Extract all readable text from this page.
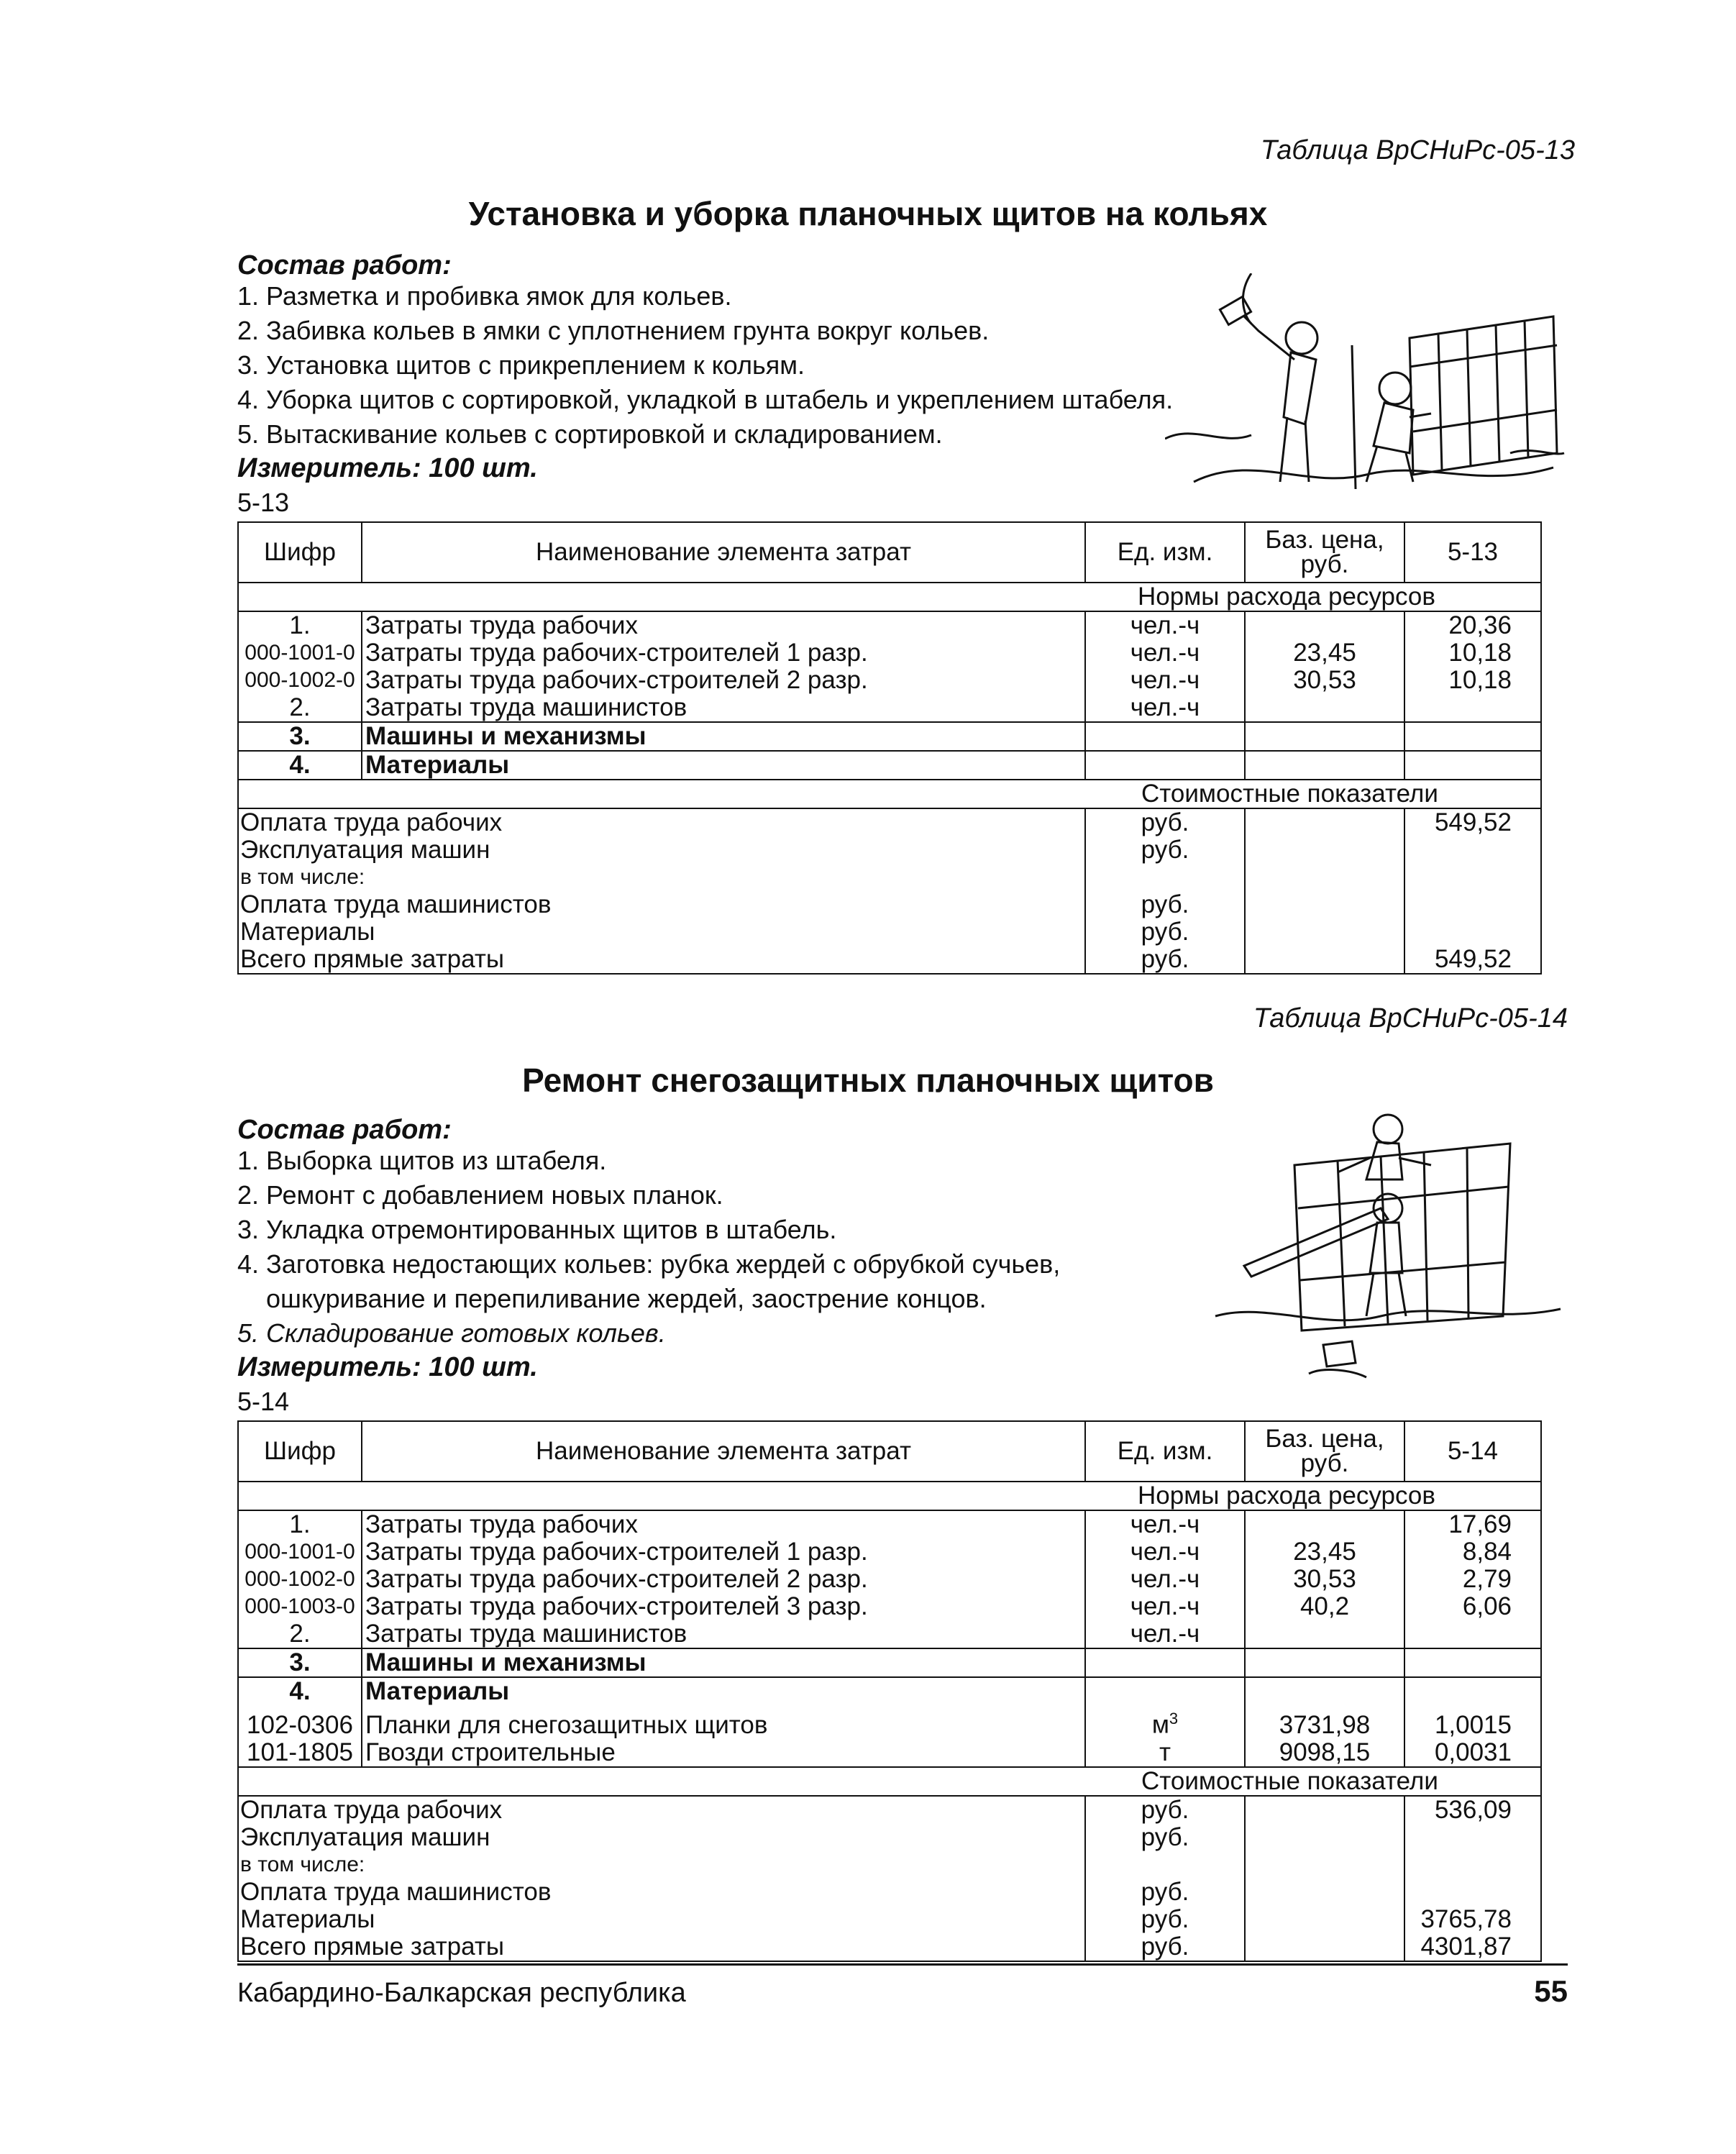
Таблица ВрСНиРс-05-13
Установка и уборка планочных щитов на кольях
Состав работ:
1. Разметка и пробивка ямок для кольев.
2. Забивка кольев в ямки с уплотнением грунта вокруг кольев.
3. Установка щитов с прикреплением к кольям.
4. Уборка щитов с сортировкой, укладкой в штабель и укреплением штабеля.
5. Вытаскивание кольев с сортировкой и складированием.
Измеритель: 100 шт.
5-13
Шифр	Наименование элемента затрат	Ед. изм.	Баз. цена, руб.	5-13
Нормы расхода ресурсов				
1.	Затраты труда рабочих	чел.-ч		20,36
000-1001-0	Затраты труда рабочих-строителей 1 разр.	чел.-ч	23,45	10,18
000-1002-0	Затраты труда рабочих-строителей 2 разр.	чел.-ч	30,53	10,18
2.	Затраты труда машинистов	чел.-ч		
3.	Машины и механизмы			
4.	Материалы			
Стоимостные показатели				
Оплата труда рабочих		руб.		549,52
Эксплуатация машин		руб.		
в том числе:				
Оплата труда машинистов		руб.		
Материалы		руб.		
Всего прямые затраты		руб.		549,52
Таблица ВрСНиРс-05-14
Ремонт снегозащитных планочных щитов
Состав работ:
1. Выборка щитов из штабеля.
2. Ремонт с добавлением новых планок.
3. Укладка отремонтированных щитов в штабель.
4. Заготовка недостающих кольев: рубка жердей с обрубкой сучьев,
ошкуривание и перепиливание жердей, заострение концов.
5. Складирование готовых кольев.
Измеритель: 100 шт.
5-14
Шифр	Наименование элемента затрат	Ед. изм.	Баз. цена, руб.	5-14
Нормы расхода ресурсов				
1.	Затраты труда рабочих	чел.-ч		17,69
000-1001-0	Затраты труда рабочих-строителей 1 разр.	чел.-ч	23,45	8,84
000-1002-0	Затраты труда рабочих-строителей 2 разр.	чел.-ч	30,53	2,79
000-1003-0	Затраты труда рабочих-строителей 3 разр.	чел.-ч	40,2	6,06
2.	Затраты труда машинистов	чел.-ч		
3.	Машины и механизмы			
4.	Материалы			
102-0306	Планки для снегозащитных щитов	$м^3$	3731,98	1,0015
101-1805	Гвозди строительные	т	9098,15	0,0031
Стоимостные показатели				
Оплата труда рабочих		руб.		536,09
Эксплуатация машин		руб.		
в том числе:				
Оплата труда машинистов		руб.		
Материалы		руб.		3765,78
Всего прямые затраты		руб.		4301,87
Кабардино-Балкарская республика	55
